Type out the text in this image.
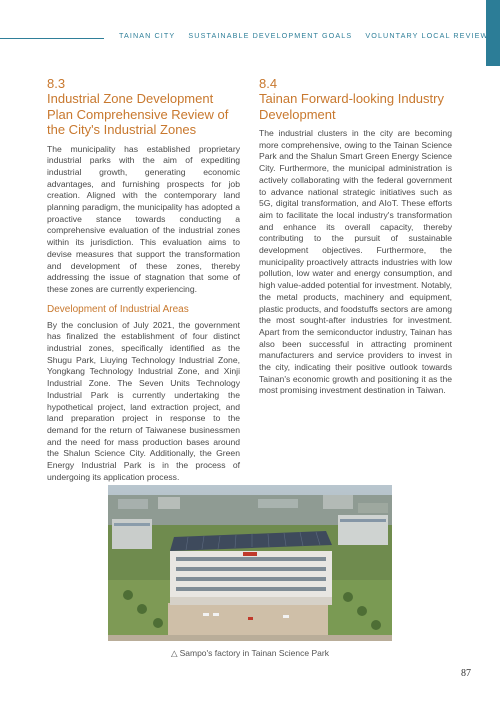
TAINAN CITY SUSTAINABLE DEVELOPMENT GOALS VOLUNTARY LOCAL REVIEW

8.3

Industrial Zone Development Plan Comprehensive Review of the City's Industrial Zones

The municipality has established proprietary industrial parks with the aim of expediting industrial growth, generating economic advantages, and furnishing prospects for job creation. Aligned with the contemporary land planning paradigm, the municipality has adopted a proactive stance towards conducting a comprehensive evaluation of the industrial zones within its jurisdiction. This evaluation aims to devise measures that support the transformation and development of these zones, thereby addressing the issue of stagnation that some of these zones are currently experiencing.

Development of Industrial Areas

By the conclusion of July 2021, the government has finalized the establishment of four distinct industrial zones, specifically identified as the Shugu Park, Liuying Technology Industrial Zone, Yongkang Technology Industrial Zone, and Xinji Industrial Zone. The Seven Units Technology Industrial Park is currently undertaking the hypothetical project, land extraction project, and land preparation project in response to the demand for the return of Taiwanese businessmen and the need for mass production bases around the Shalun Science City. Additionally, the Green Energy Industrial Park is in the process of undergoing its application process.

8.4

Tainan Forward-looking Industry Development

The industrial clusters in the city are becoming more comprehensive, owing to the Tainan Science Park and the Shalun Smart Green Energy Science City. Furthermore, the municipal administration is actively collaborating with the federal government to advance national strategic initiatives such as 5G, digital transformation, and AIoT. These efforts aim to facilitate the local industry's transformation and enhance its overall capacity, thereby contributing to the pursuit of sustainable development objectives. Furthermore, the municipality proactively attracts industries with low pollution, low water and energy consumption, and high value-added potential for investment. Notably, the metal products, machinery and equipment, plastic products, and foodstuffs sectors are among the most sought-after industries for investment. Apart from the semiconductor industry, Tainan has also been successful in attracting prominent manufacturers and service providers to invest in the city, indicating their positive outlook towards Tainan's economic growth and positioning it as the most promising investment destination in Taiwan.

△ Sampo's factory in Tainan Science Park
87
